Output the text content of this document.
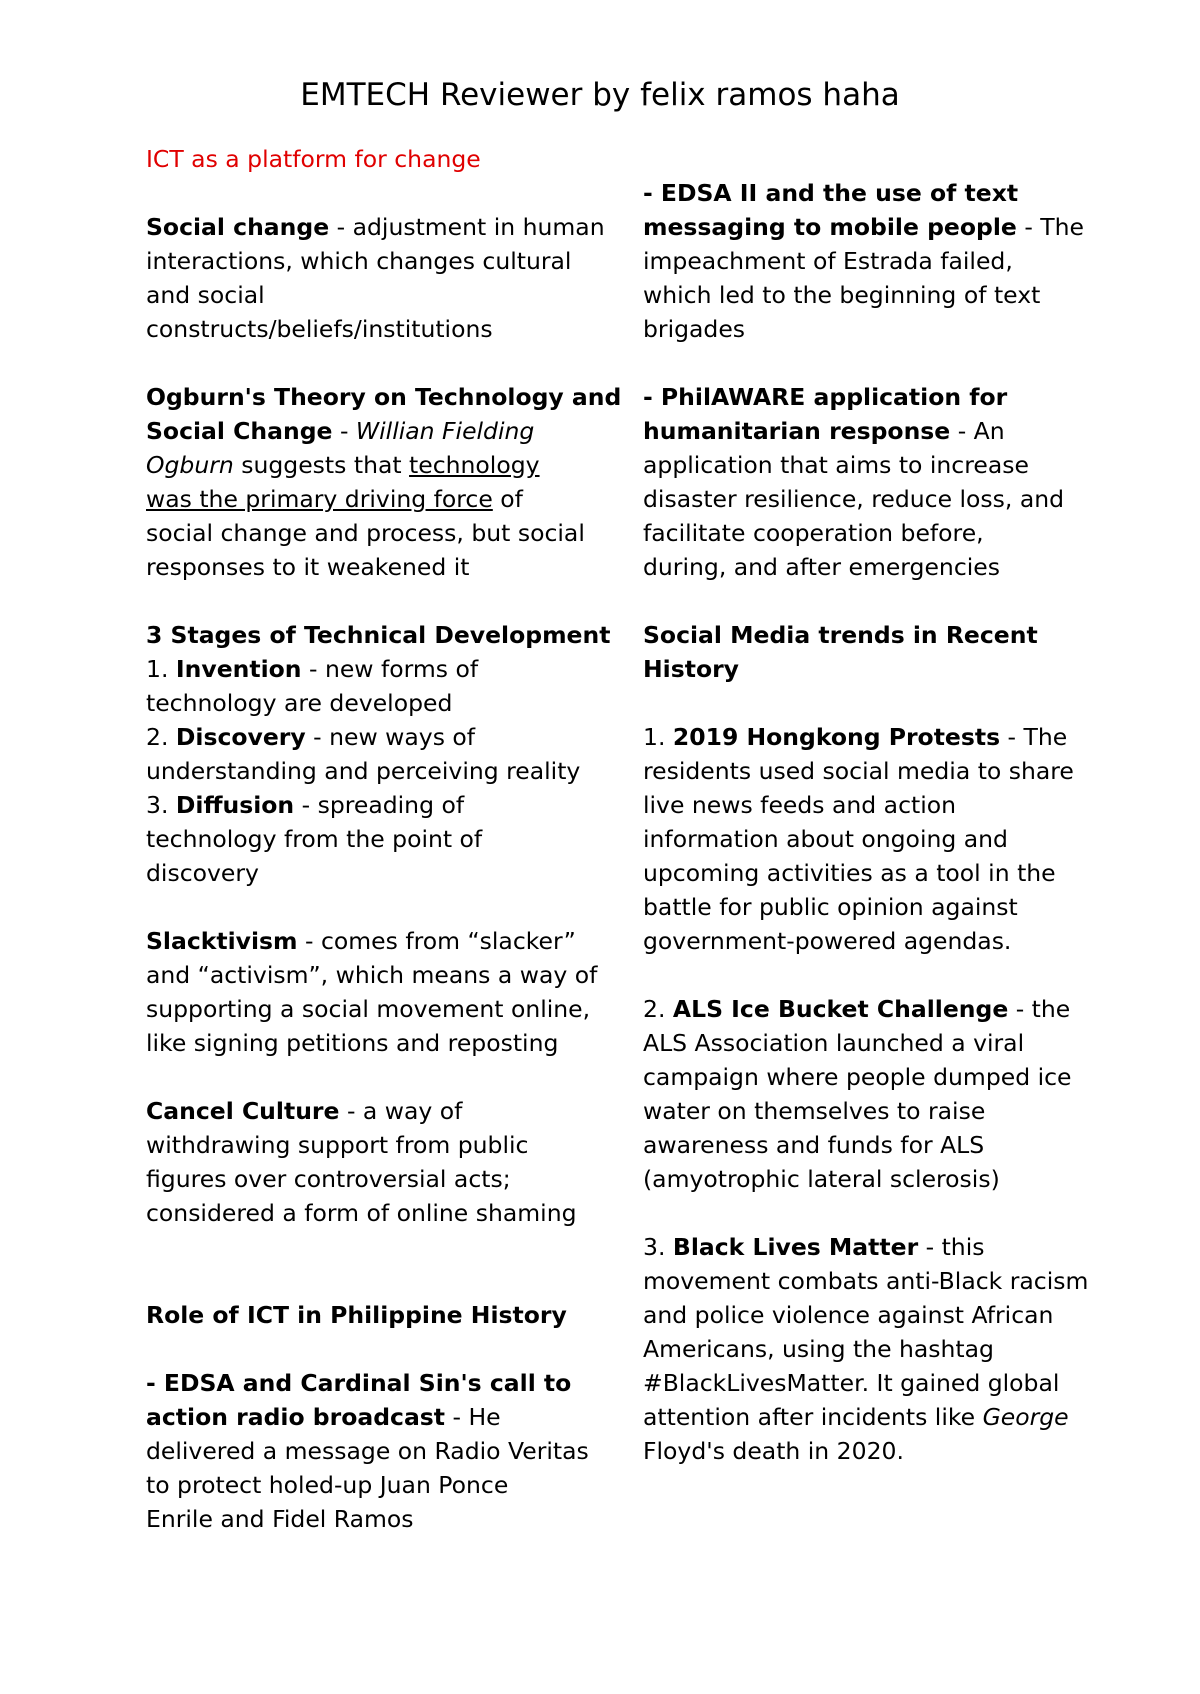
EMTECH Reviewer by felix ramos haha
ICT as a platform for change
Social change - adjustment in human
interactions, which changes cultural
and social
constructs/beliefs/institutions
Ogburn's Theory on Technology and
Social Change - Willian Fielding
Ogburn suggests that technology
was the primary driving force of
social change and process, but social
responses to it weakened it
3 Stages of Technical Development
1. Invention - new forms of
technology are developed
2. Discovery - new ways of
understanding and perceiving reality
3. Diffusion - spreading of
technology from the point of
discovery
Slacktivism - comes from “slacker”
and “activism”, which means a way of
supporting a social movement online,
like signing petitions and reposting
Cancel Culture - a way of
withdrawing support from public
figures over controversial acts;
considered a form of online shaming
Role of ICT in Philippine History
- EDSA and Cardinal Sin's call to
action radio broadcast - He
delivered a message on Radio Veritas
to protect holed-up Juan Ponce
Enrile and Fidel Ramos
- EDSA II and the use of text
messaging to mobile people - The
impeachment of Estrada failed,
which led to the beginning of text
brigades
- PhilAWARE application for
humanitarian response - An
application that aims to increase
disaster resilience, reduce loss, and
facilitate cooperation before,
during, and after emergencies
Social Media trends in Recent
History
1. 2019 Hongkong Protests - The
residents used social media to share
live news feeds and action
information about ongoing and
upcoming activities as a tool in the
battle for public opinion against
government-powered agendas.
2. ALS Ice Bucket Challenge - the
ALS Association launched a viral
campaign where people dumped ice
water on themselves to raise
awareness and funds for ALS
(amyotrophic lateral sclerosis)
3. Black Lives Matter - this
movement combats anti-Black racism
and police violence against African
Americans, using the hashtag
#BlackLivesMatter. It gained global
attention after incidents like George
Floyd's death in 2020.
